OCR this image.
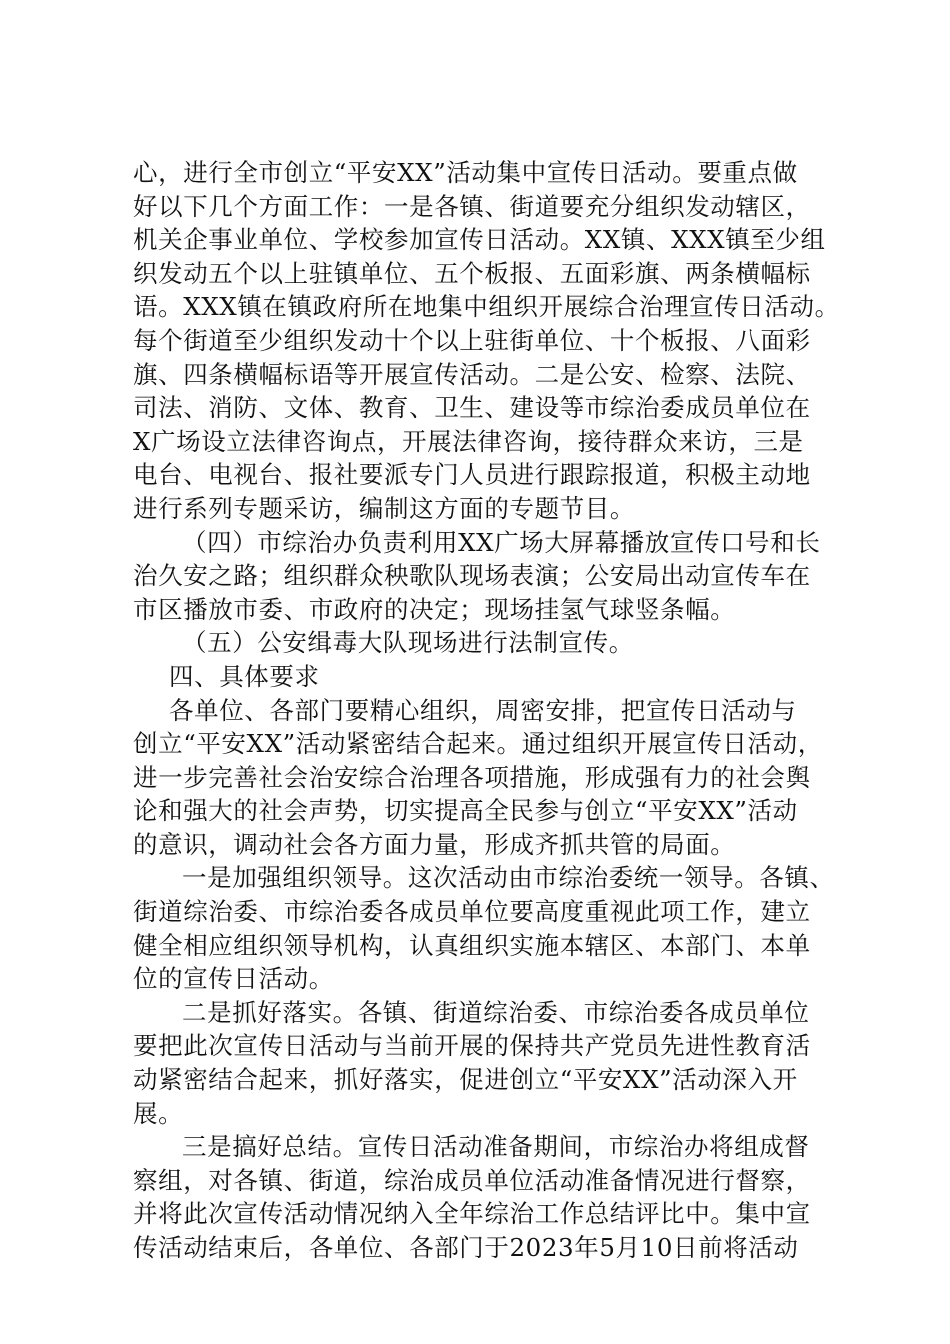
心，进行全市创立“平安XX”活动集中宣传日活动。要重点做
好以下几个方面工作：一是各镇、街道要充分组织发动辖区，
机关企事业单位、学校参加宣传日活动。XX镇、XXX镇至少组
织发动五个以上驻镇单位、五个板报、五面彩旗、两条横幅标
语。XXX镇在镇政府所在地集中组织开展综合治理宣传日活动。
每个街道至少组织发动十个以上驻街单位、十个板报、八面彩
旗、四条横幅标语等开展宣传活动。二是公安、检察、法院、
司法、消防、文体、教育、卫生、建设等市综治委成员单位在
X广场设立法律咨询点，开展法律咨询，接待群众来访，三是
电台、电视台、报社要派专门人员进行跟踪报道，积极主动地
进行系列专题采访，编制这方面的专题节目。
（四）市综治办负责利用XX广场大屏幕播放宣传口号和长
治久安之路；组织群众秧歌队现场表演；公安局出动宣传车在
市区播放市委、市政府的决定；现场挂氢气球竖条幅。
（五）公安缉毒大队现场进行法制宣传。
四、具体要求
各单位、各部门要精心组织，周密安排，把宣传日活动与
创立“平安XX”活动紧密结合起来。通过组织开展宣传日活动，
进一步完善社会治安综合治理各项措施，形成强有力的社会舆
论和强大的社会声势，切实提高全民参与创立“平安XX”活动
的意识，调动社会各方面力量，形成齐抓共管的局面。
一是加强组织领导。这次活动由市综治委统一领导。各镇、
街道综治委、市综治委各成员单位要高度重视此项工作，建立
健全相应组织领导机构，认真组织实施本辖区、本部门、本单
位的宣传日活动。
二是抓好落实。各镇、街道综治委、市综治委各成员单位
要把此次宣传日活动与当前开展的保持共产党员先进性教育活
动紧密结合起来，抓好落实，促进创立“平安XX”活动深入开
展。
三是搞好总结。宣传日活动准备期间，市综治办将组成督
察组，对各镇、街道，综治成员单位活动准备情况进行督察，
并将此次宣传活动情况纳入全年综治工作总结评比中。集中宣
传活动结束后，各单位、各部门于2023年5月10日前将活动
